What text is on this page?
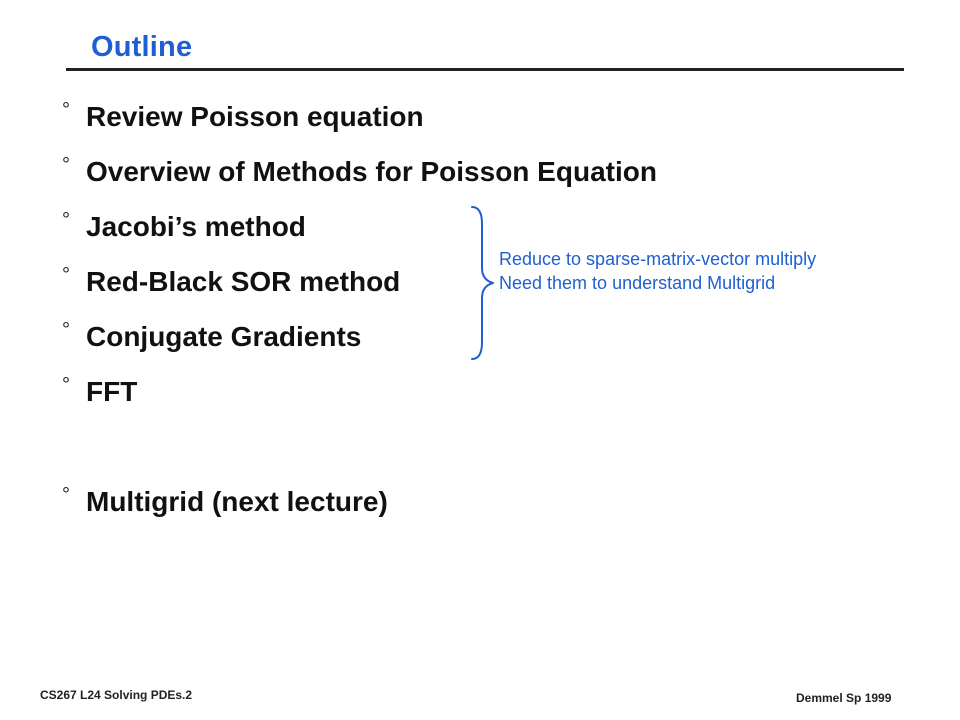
Outline
° Review Poisson equation
° Overview of Methods for Poisson Equation
° Jacobi’s method
° Red-Black SOR method
° Conjugate Gradients
° FFT
° Multigrid (next lecture)
Reduce to sparse-matrix-vector multiply
Need them to understand Multigrid
CS267 L24 Solving PDEs.2	Demmel Sp 1999
